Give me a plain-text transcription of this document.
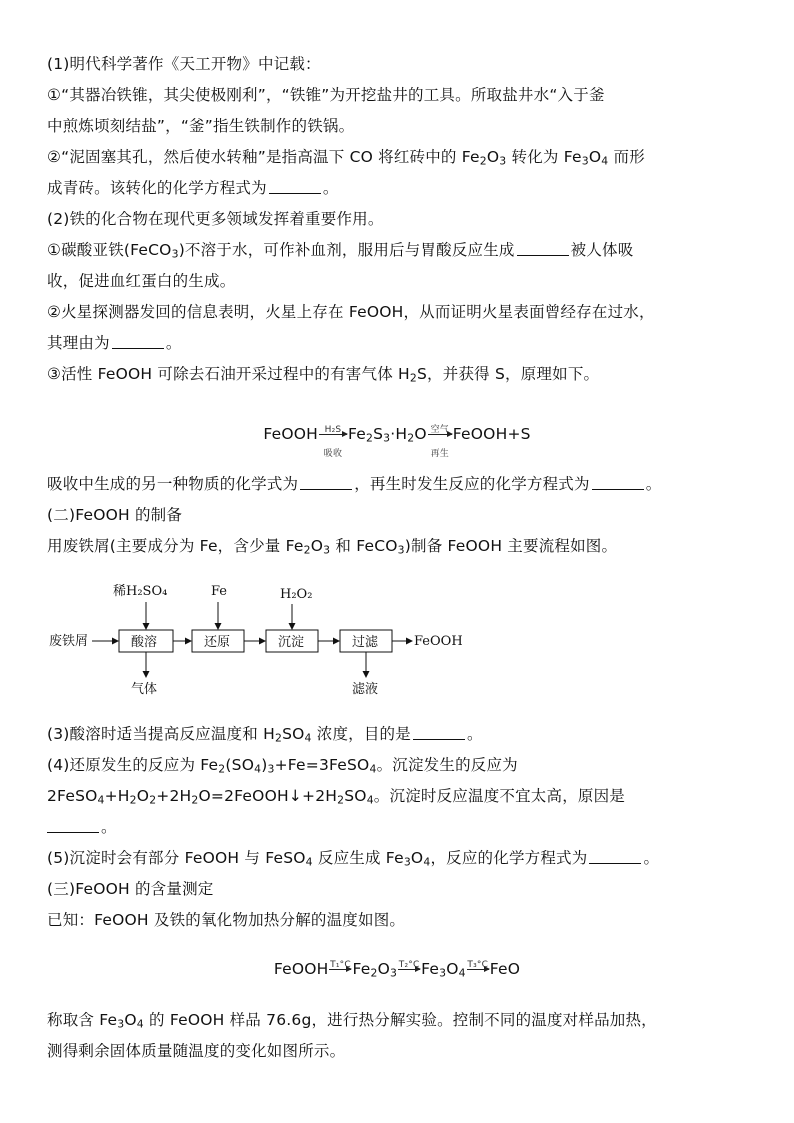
(1)明代科学著作《天工开物》中记载：
①“其器冶铁锥，其尖使极刚利”，“铁锥”为开挖盐井的工具。所取盐井水“入于釜
中煎炼顷刻结盐”，“釜”指生铁制作的铁锅。
②“泥固塞其孔，然后使水转釉”是指高温下 CO 将红砖中的 $Fe_2O_3$ 转化为 $Fe_3O_4$ 而形
成青砖。该转化的化学方程式为	。
(2)铁的化合物在现代更多领域发挥着重要作用。
①碳酸亚铁(FeCO$_3$)不溶于水，可作补血剂，服用后与胃酸反应生成	被人体吸
收，促进血红蛋白的生成。
②火星探测器发回的信息表明，火星上存在 FeOOH，从而证明火星表面曾经存在过水，
其理由为	。
③活性 FeOOH 可除去石油开采过程中的有害气体 $H_2S$，并获得 S，原理如下。
FeOOH H₂S
吸收
$Fe_2S_3\cdot H_2O$ 空气
再生
FeOOH+S
吸收中生成的另一种物质的化学式为	，再生时发生反应的化学方程式为	。
(二)FeOOH 的制备
用废铁屑(主要成分为 Fe，含少量 $Fe_2O_3$ 和 FeCO$_3$)制备 FeOOH 主要流程如图。
废铁屑	酸溶	还原	沉淀	过滤	FeOOH
稀H₂SO₄	Fe	H₂O₂
气体	滤液
(3)酸溶时适当提高反应温度和 $H_2SO_4$ 浓度，目的是	。
(4)还原发生的反应为 $Fe_2(SO_4)_3+Fe=3FeSO_4$。沉淀发生的反应为
$2FeSO_4+H_2O_2+2H_2O=2FeOOH↓+2H_2SO_4$。沉淀时反应温度不宜太高，原因是
。
(5)沉淀时会有部分 FeOOH 与 FeSO$_4$ 反应生成 $Fe_3O_4$，反应的化学方程式为	。
(三)FeOOH 的含量测定
已知：FeOOH 及铁的氧化物加热分解的温度如图。
FeOOH T₁°C $Fe_2O_3$
T₂°C $Fe_3O_4$
T₃°C FeO
称取含 $Fe_3O_4$ 的 FeOOH 样品 76.6g，进行热分解实验。控制不同的温度对样品加热，
测得剩余固体质量随温度的变化如图所示。
